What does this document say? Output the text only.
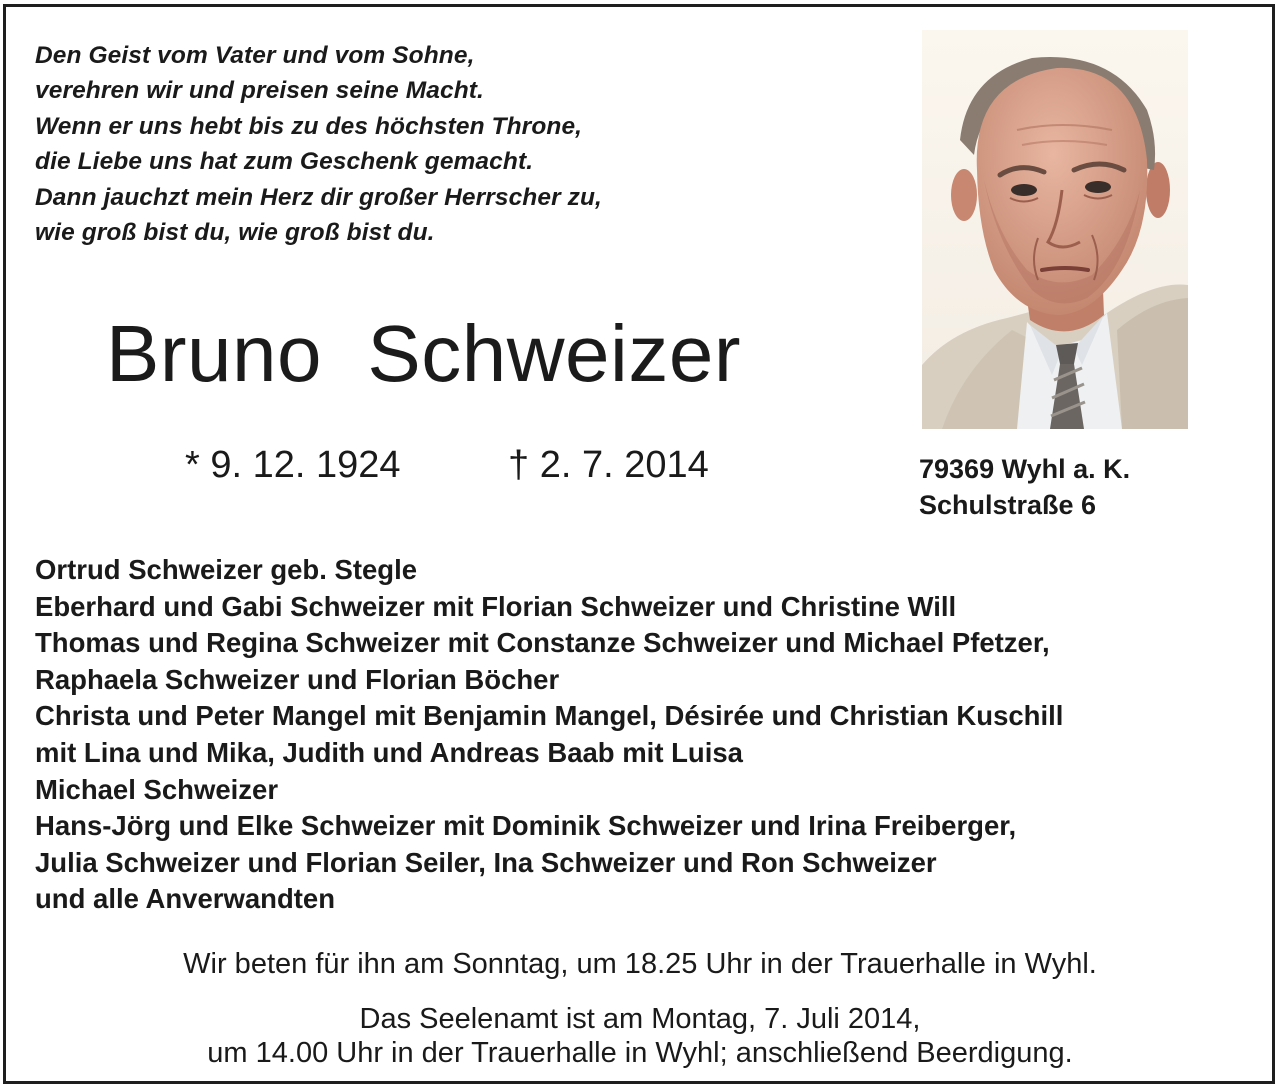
Den Geist vom Vater und vom Sohne,
verehren wir und preisen seine Macht.
Wenn er uns hebt bis zu des höchsten Throne,
die Liebe uns hat zum Geschenk gemacht.
Dann jauchzt mein Herz dir großer Herrscher zu,
wie groß bist du, wie groß bist du.
Bruno  Schweizer
* 9. 12. 1924	† 2. 7. 2014	79369 Wyhl a. K.
Schulstraße 6
Ortrud Schweizer geb. Stegle
Eberhard und Gabi Schweizer mit Florian Schweizer und Christine Will
Thomas und Regina Schweizer mit Constanze Schweizer und Michael Pfetzer,
Raphaela Schweizer und Florian Böcher
Christa und Peter Mangel mit Benjamin Mangel, Désirée und Christian Kuschill
mit Lina und Mika, Judith und Andreas Baab mit Luisa
Michael Schweizer
Hans-Jörg und Elke Schweizer mit Dominik Schweizer und Irina Freiberger,
Julia Schweizer und Florian Seiler, Ina Schweizer und Ron Schweizer
und alle Anverwandten
Wir beten für ihn am Sonntag, um 18.25 Uhr in der Trauerhalle in Wyhl.
Das Seelenamt ist am Montag, 7. Juli 2014,
um 14.00 Uhr in der Trauerhalle in Wyhl; anschließend Beerdigung.
